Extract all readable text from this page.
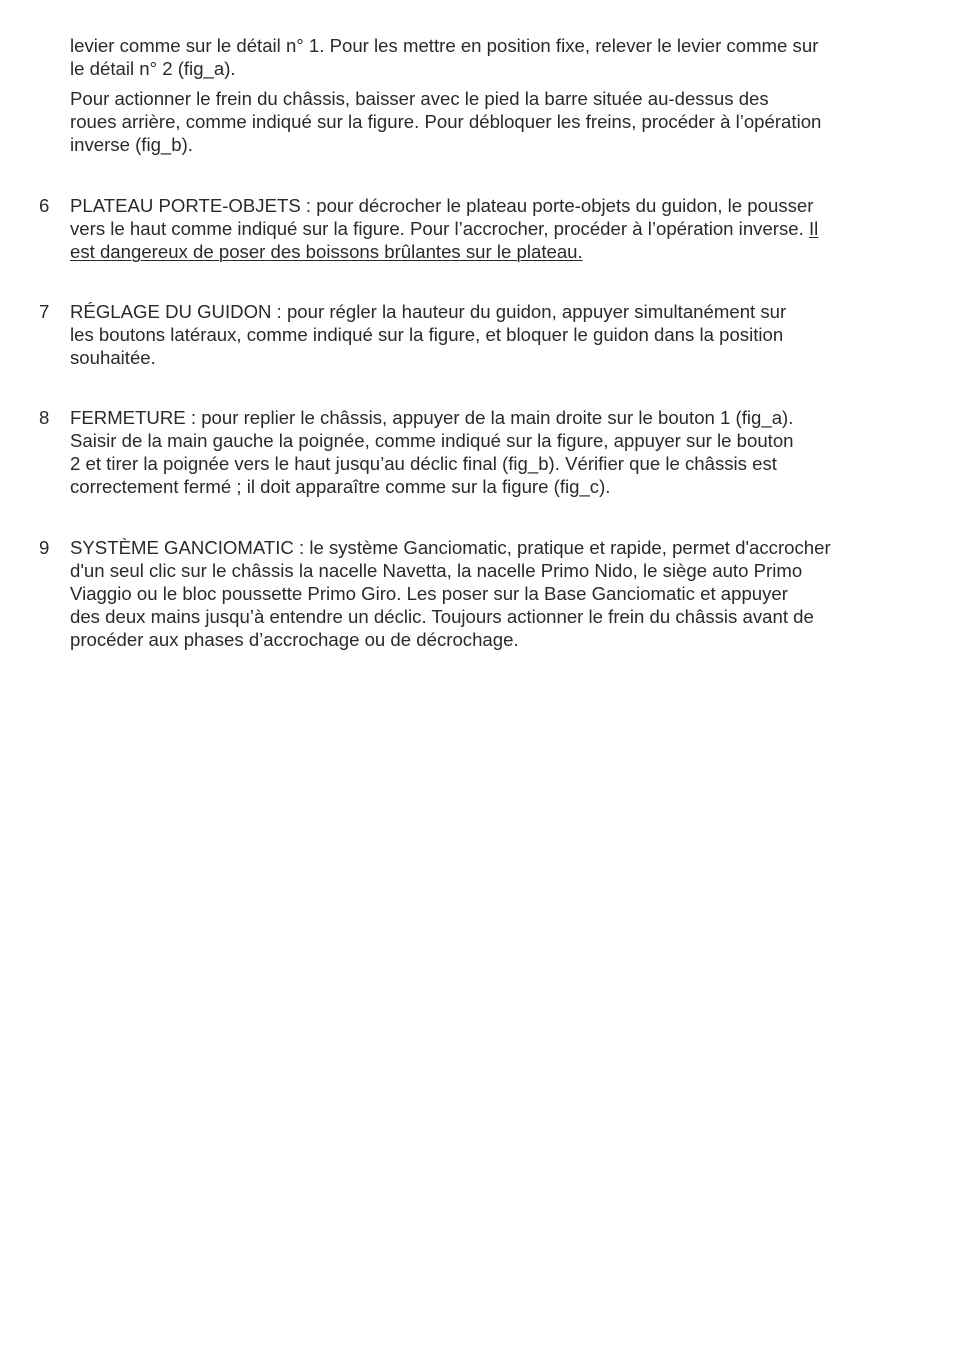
levier comme sur le détail n° 1. Pour les mettre en position fixe, relever le levier comme sur
le détail n° 2 (fig_a).

Pour actionner le frein du châssis, baisser avec le pied la barre située au-dessus des
roues arrière, comme indiqué sur la figure. Pour débloquer les freins, procéder à l’opération
inverse (fig_b).

6	PLATEAU PORTE-OBJETS : pour décrocher le plateau porte-objets du guidon, le pousser
vers le haut comme indiqué sur la figure. Pour l’accrocher, procéder à l’opération inverse. Il
est dangereux de poser des boissons brûlantes sur le plateau.

7	RÉGLAGE DU GUIDON : pour régler la hauteur du guidon, appuyer simultanément sur
les boutons latéraux, comme indiqué sur la figure, et bloquer le guidon dans la position
souhaitée.

8	FERMETURE : pour replier le châssis, appuyer de la main droite sur le bouton 1 (fig_a).
Saisir de la main gauche la poignée, comme indiqué sur la figure, appuyer sur le bouton
2 et tirer la poignée vers le haut jusqu’au déclic final (fig_b). Vérifier que le châssis est
correctement fermé ; il doit apparaître comme sur la figure (fig_c).

9	SYSTÈME GANCIOMATIC : le système Ganciomatic, pratique et rapide, permet d'accrocher
d'un seul clic sur le châssis la nacelle Navetta, la nacelle Primo Nido, le siège auto Primo
Viaggio ou le bloc poussette Primo Giro. Les poser sur la Base Ganciomatic et appuyer
des deux mains jusqu’à entendre un déclic. Toujours actionner le frein du châssis avant de
procéder aux phases d’accrochage ou de décrochage.
